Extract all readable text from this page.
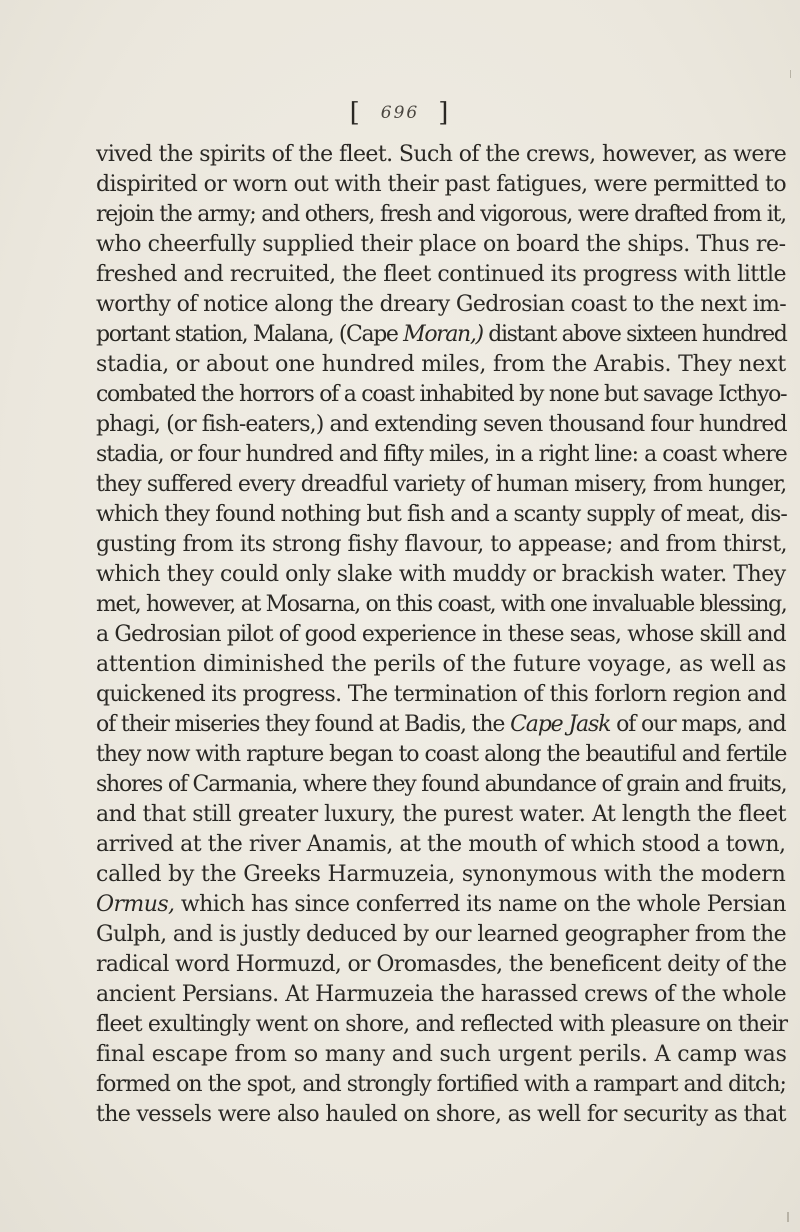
[ 696 ]
vived the spirits of the fleet. Such of the crews, however, as were
dispirited or worn out with their past fatigues, were permitted to
rejoin the army; and others, fresh and vigorous, were drafted from it,
who cheerfully supplied their place on board the ships. Thus re-
freshed and recruited, the fleet continued its progress with little
worthy of notice along the dreary Gedrosian coast to the next im-
portant station, Malana, (Cape Moran,) distant above sixteen hundred
stadia, or about one hundred miles, from the Arabis. They next
combated the horrors of a coast inhabited by none but savage Icthyo-
phagi, (or fish-eaters,) and extending seven thousand four hundred
stadia, or four hundred and fifty miles, in a right line: a coast where
they suffered every dreadful variety of human misery, from hunger,
which they found nothing but fish and a scanty supply of meat, dis-
gusting from its strong fishy flavour, to appease; and from thirst,
which they could only slake with muddy or brackish water. They
met, however, at Mosarna, on this coast, with one invaluable blessing,
a Gedrosian pilot of good experience in these seas, whose skill and
attention diminished the perils of the future voyage, as well as
quickened its progress. The termination of this forlorn region and
of their miseries they found at Badis, the Cape Jask of our maps, and
they now with rapture began to coast along the beautiful and fertile
shores of Carmania, where they found abundance of grain and fruits,
and that still greater luxury, the purest water. At length the fleet
arrived at the river Anamis, at the mouth of which stood a town,
called by the Greeks Harmuzeia, synonymous with the modern
Ormus, which has since conferred its name on the whole Persian
Gulph, and is justly deduced by our learned geographer from the
radical word Hormuzd, or Oromasdes, the beneficent deity of the
ancient Persians. At Harmuzeia the harassed crews of the whole
fleet exultingly went on shore, and reflected with pleasure on their
final escape from so many and such urgent perils. A camp was
formed on the spot, and strongly fortified with a rampart and ditch;
the vessels were also hauled on shore, as well for security as that
